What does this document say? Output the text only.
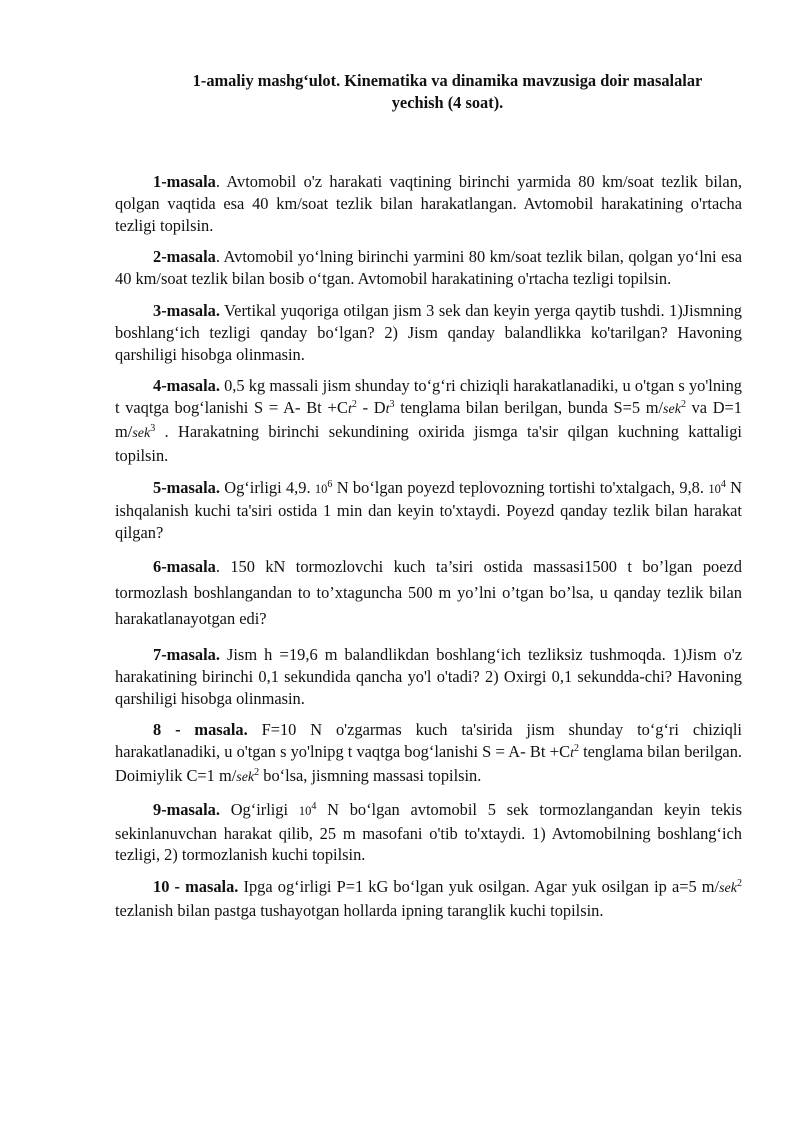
1-amaliy mashg‘ulot. Kinematika va dinamika mavzusiga doir masalalar
yechish (4 soat).

1-masala. Avtomobil o'z harakati vaqtining birinchi yarmida 80 km/soat tezlik bilan, qolgan vaqtida esa 40 km/soat tezlik bilan harakatlangan. Avtomobil harakatining o'rtacha tezligi topilsin.

2-masala. Avtomobil yo‘lning birinchi yarmini 80 km/soat tezlik bilan, qolgan yo‘lni esa 40 km/soat tezlik bilan bosib o‘tgan. Avtomobil harakatining o'rtacha tezligi topilsin.

3-masala. Vertikal yuqoriga otilgan jism 3 sek dan keyin yerga qaytib tushdi. 1)Jismning boshlang‘ich tezligi qanday bo‘lgan? 2) Jism qanday balandlikka ko'tarilgan? Havoning qarshiligi hisobga olinmasin.

4-masala. 0,5 kg massali jism shunday to‘g‘ri chiziqli harakatlanadiki, u o'tgan s yo'lning t vaqtga bog‘lanishi S = A- $Bt +Ct^2 - Dt^3$ tenglama bilan berilgan, bunda S=5 m/sek$^2$ va D=1 m/sek$^3$ . Harakatning birinchi sekundining oxirida jismga ta'sir qilgan kuchning kattaligi topilsin.

5-masala. Og‘irligi 4,9. $10^6$ N bo‘lgan poyezd teplovozning tortishi to'xtalgach, 9,8. $10^4$ N ishqalanish kuchi ta'siri ostida 1 min dan keyin to'xtaydi. Poyezd qanday tezlik bilan harakat qilgan?

6-masala. 150 kN tormozlovchi kuch ta’siri ostida massasi1500 t bo’lgan poezd tormozlash boshlangandan to to’xtaguncha 500 m yo’lni o’tgan bo’lsa, u qanday tezlik bilan harakatlanayotgan edi?

7-masala. Jism h =19,6 m balandlikdan boshlang‘ich tezliksiz tushmoqda. 1)Jism o'z harakatining birinchi 0,1 sekundida qancha yo'l o'tadi? 2) Oxirgi 0,1 sekundda-chi? Havoning qarshiligi hisobga olinmasin.

8 - masala. F=10 N o'zgarmas kuch ta'sirida jism shunday to‘g‘ri chiziqli harakatlanadiki, u o'tgan s yo'lnipg t vaqtga bog‘lanishi S = A- $Bt +Ct^2$ tenglama bilan berilgan. Doimiylik C=1 m/sek$^2$ bo‘lsa, jismning massasi topilsin.

9-masala. Og‘irligi $10^4$ N bo‘lgan avtomobil 5 sek tormozlangandan keyin tekis sekinlanuvchan harakat qilib, 25 m masofani o'tib to'xtaydi. 1) Avtomobilning boshlang‘ich tezligi, 2) tormozlanish kuchi topilsin.

10 - masala. Ipga og‘irligi P=1 kG bo‘lgan yuk osilgan. Agar yuk osilgan ip a=5 m/sek$^2$ tezlanish bilan pastga tushayotgan hollarda ipning taranglik kuchi topilsin.
